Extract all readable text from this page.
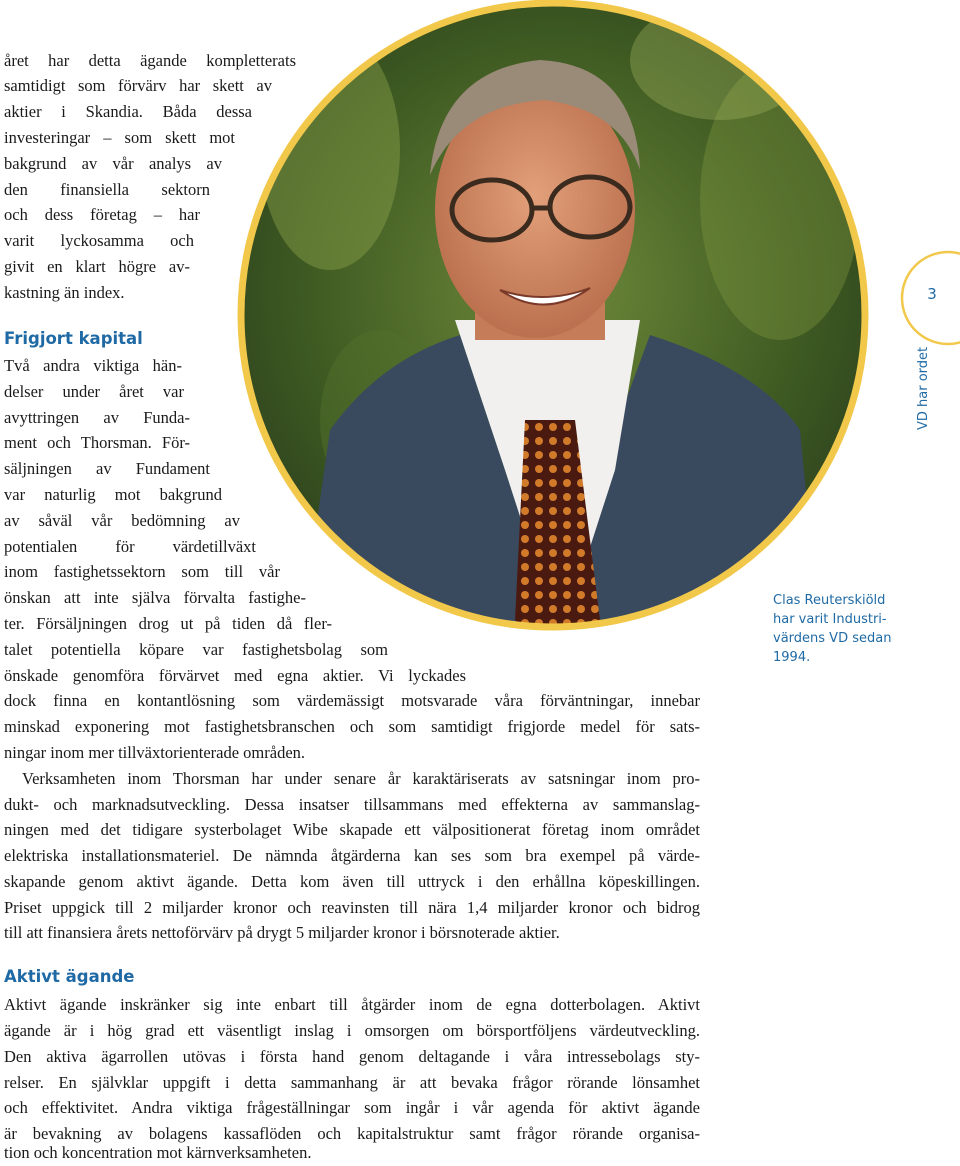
3
VD har ordet
Clas Reuterskiöld
har varit Industri-
värdens VD sedan
1994.

året har detta ägande kompletterats

samtidigt som förvärv har skett av

aktier i Skandia. Båda dessa

investeringar – som skett mot

bakgrund av vår analys av

den finansiella sektorn

och dess företag – har

varit lyckosamma och

givit en klart högre av-

kastning än index.

Frigjort kapital

Två andra viktiga hän-

delser under året var

avyttringen av Funda-

ment och Thorsman. För-

säljningen av Fundament

var naturlig mot bakgrund

av såväl vår bedömning av

potentialen för värdetillväxt

inom fastighetssektorn som till vår

önskan att inte själva förvalta fastighe-

ter. Försäljningen drog ut på tiden då fler-

talet potentiella köpare var fastighetsbolag som

önskade genomföra förvärvet med egna aktier. Vi lyckades

dock finna en kontantlösning som värdemässigt motsvarade våra förväntningar, innebar

minskad exponering mot fastighetsbranschen och som samtidigt frigjorde medel för sats-

ningar inom mer tillväxtorienterade områden.

Verksamheten inom Thorsman har under senare år karaktäriserats av satsningar inom pro-

dukt- och marknadsutveckling. Dessa insatser tillsammans med effekterna av sammanslag-

ningen med det tidigare systerbolaget Wibe skapade ett välpositionerat företag inom området

elektriska installationsmateriel. De nämnda åtgärderna kan ses som bra exempel på värde-

skapande genom aktivt ägande. Detta kom även till uttryck i den erhållna köpeskillingen.

Priset uppgick till 2 miljarder kronor och reavinsten till nära 1,4 miljarder kronor och bidrog

till att finansiera årets nettoförvärv på drygt 5 miljarder kronor i börsnoterade aktier.

Aktivt ägande

Aktivt ägande inskränker sig inte enbart till åtgärder inom de egna dotterbolagen. Aktivt

ägande är i hög grad ett väsentligt inslag i omsorgen om börsportföljens värdeutveckling.

Den aktiva ägarrollen utövas i första hand genom deltagande i våra intressebolags sty-

relser. En självklar uppgift i detta sammanhang är att bevaka frågor rörande lönsamhet

och effektivitet. Andra viktiga frågeställningar som ingår i vår agenda för aktivt ägande

är bevakning av bolagens kassaflöden och kapitalstruktur samt frågor rörande organisa-

tion och koncentration mot kärnverksamheten.
